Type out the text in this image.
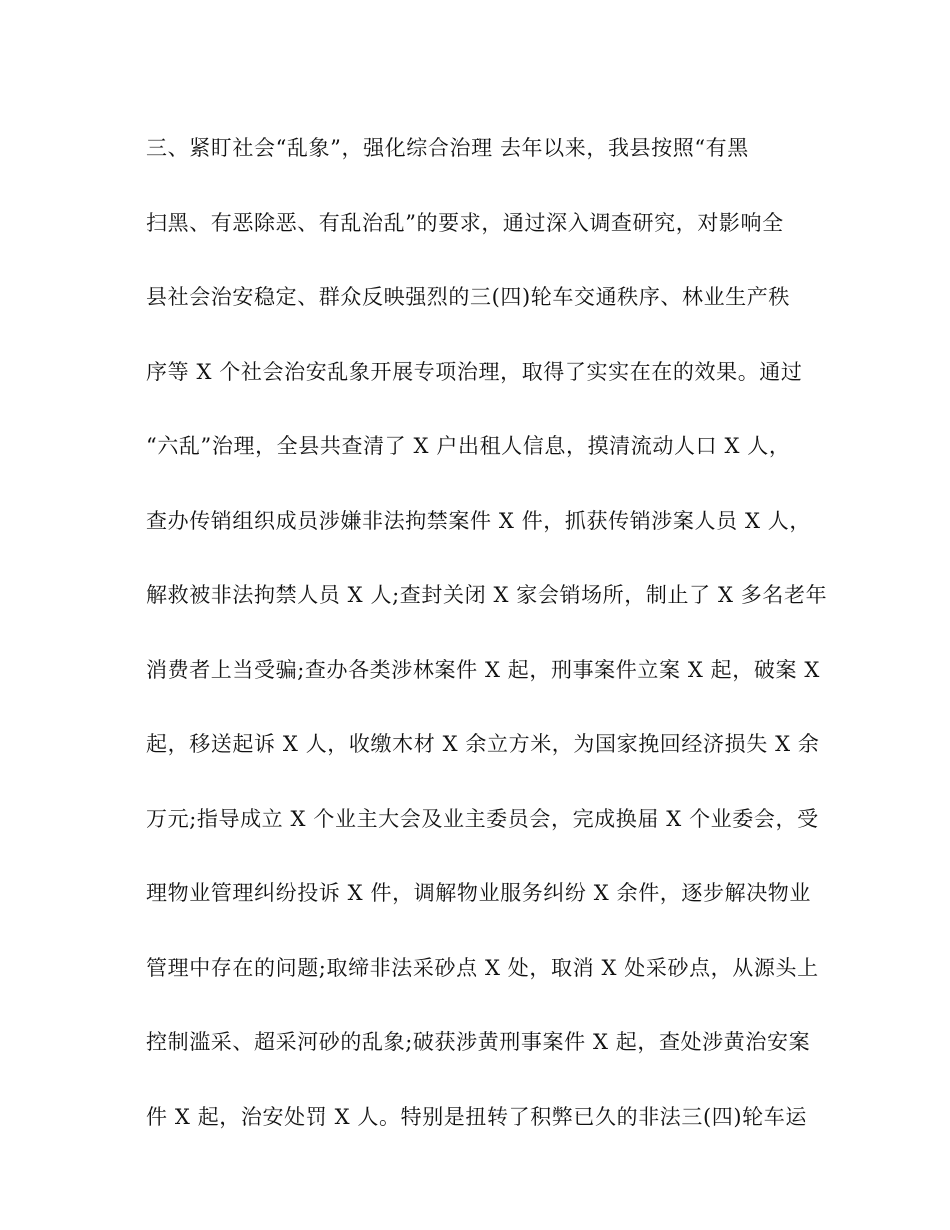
三、紧盯社会“乱象”，强化综合治理 去年以来，我县按照“有黑
扫黑、有恶除恶、有乱治乱”的要求，通过深入调查研究，对影响全
县社会治安稳定、群众反映强烈的三(四)轮车交通秩序、林业生产秩
序等 X 个社会治安乱象开展专项治理，取得了实实在在的效果。通过
“六乱”治理，全县共查清了 X 户出租人信息，摸清流动人口 X 人，
查办传销组织成员涉嫌非法拘禁案件 X 件，抓获传销涉案人员 X 人，
解救被非法拘禁人员 X 人;查封关闭 X 家会销场所，制止了 X 多名老年
消费者上当受骗;查办各类涉林案件 X 起，刑事案件立案 X 起，破案 X
起，移送起诉 X 人，收缴木材 X 余立方米，为国家挽回经济损失 X 余
万元;指导成立 X 个业主大会及业主委员会，完成换届 X 个业委会，受
理物业管理纠纷投诉 X 件，调解物业服务纠纷 X 余件，逐步解决物业
管理中存在的问题;取缔非法采砂点 X 处，取消 X 处采砂点，从源头上
控制滥采、超采河砂的乱象;破获涉黄刑事案件 X 起，查处涉黄治安案
件 X 起，治安处罚 X 人。特别是扭转了积弊已久的非法三(四)轮车运
